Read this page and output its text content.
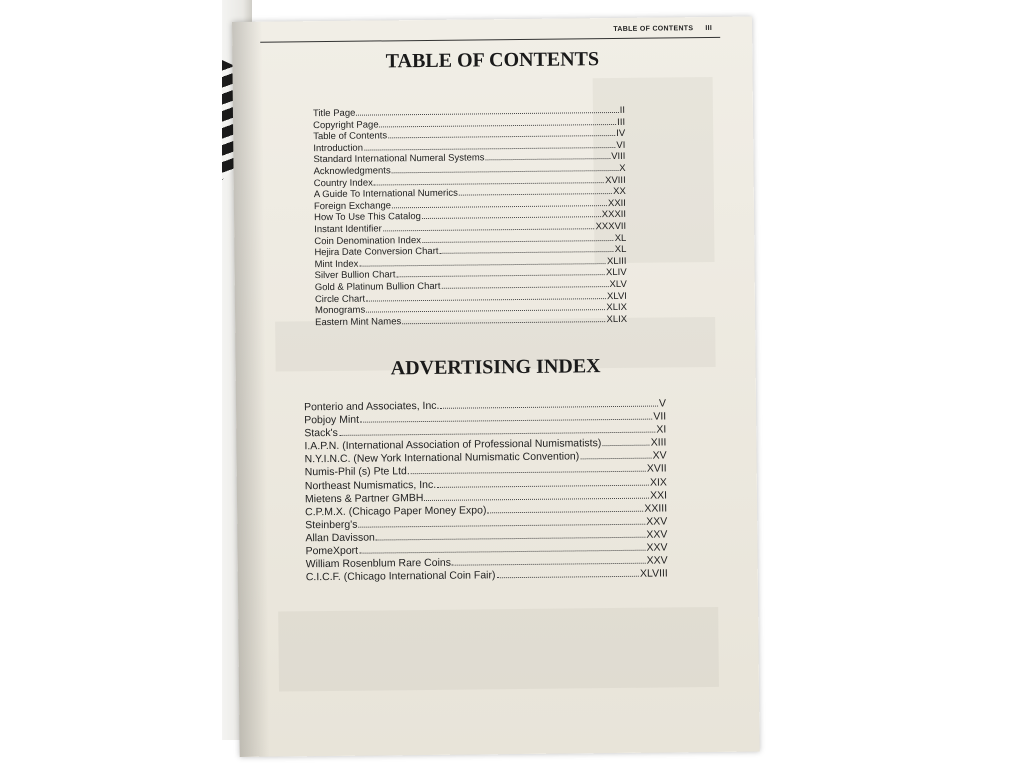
TABLE OF CONTENTS III
TABLE OF CONTENTS
Title Page	II
Copyright Page	III
Table of Contents	IV
Introduction	VI
Standard International Numeral Systems	VIII
Acknowledgments	X
Country Index	XVIII
A Guide To International Numerics	XX
Foreign Exchange	XXII
How To Use This Catalog	XXXII
Instant Identifier	XXXVII
Coin Denomination Index	XL
Hejira Date Conversion Chart	XL
Mint Index	XLIII
Silver Bullion Chart	XLIV
Gold & Platinum Bullion Chart	XLV
Circle Chart	XLVI
Monograms	XLIX
Eastern Mint Names	XLIX
ADVERTISING INDEX
Ponterio and Associates, Inc.	V
Pobjoy Mint	VII
Stack's	XI
I.A.P.N. (International Association of Professional Numismatists)	XIII
N.Y.I.N.C. (New York International Numismatic Convention)	XV
Numis-Phil (s) Pte Ltd.	XVII
Northeast Numismatics, Inc.	XIX
Mietens & Partner GMBH	XXI
C.P.M.X. (Chicago Paper Money Expo)	XXIII
Steinberg's	XXV
Allan Davisson	XXV
PomeXport	XXV
William Rosenblum Rare Coins	XXV
C.I.C.F. (Chicago International Coin Fair)	XLVIII
